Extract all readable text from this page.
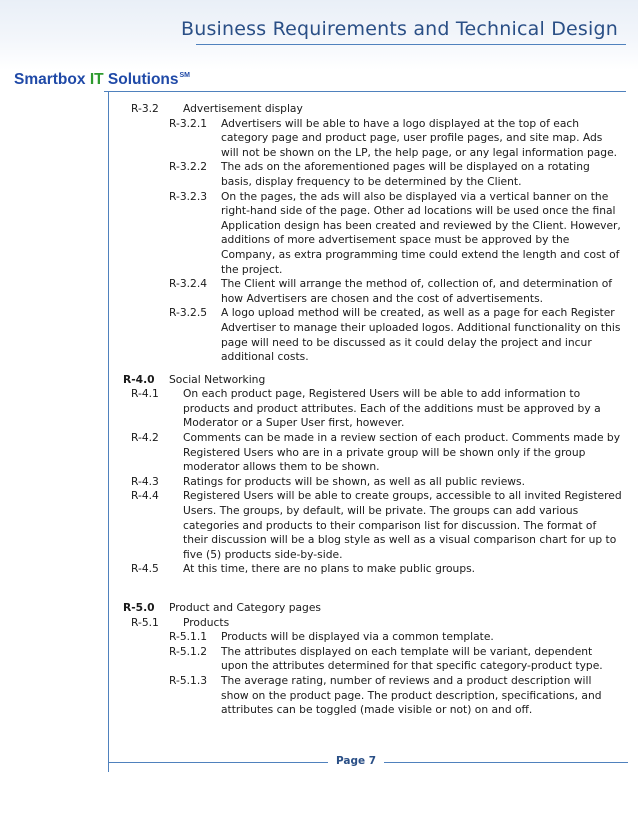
Business Requirements and Technical Design
Smartbox IT Solutions℠
R-3.2 Advertisement display
R-3.2.1 Advertisers will be able to have a logo displayed at the top of each category page and product page, user profile pages, and site map. Ads will not be shown on the LP, the help page, or any legal information page.
R-3.2.2 The ads on the aforementioned pages will be displayed on a rotating basis, display frequency to be determined by the Client.
R-3.2.3 On the pages, the ads will also be displayed via a vertical banner on the right-hand side of the page. Other ad locations will be used once the final Application design has been created and reviewed by the Client. However, additions of more advertisement space must be approved by the Company, as extra programming time could extend the length and cost of the project.
R-3.2.4 The Client will arrange the method of, collection of, and determination of how Advertisers are chosen and the cost of advertisements.
R-3.2.5 A logo upload method will be created, as well as a page for each Register Advertiser to manage their uploaded logos. Additional functionality on this page will need to be discussed as it could delay the project and incur additional costs.
R-4.0 Social Networking
R-4.1 On each product page, Registered Users will be able to add information to products and product attributes. Each of the additions must be approved by a Moderator or a Super User first, however.
R-4.2 Comments can be made in a review section of each product. Comments made by Registered Users who are in a private group will be shown only if the group moderator allows them to be shown.
R-4.3 Ratings for products will be shown, as well as all public reviews.
R-4.4 Registered Users will be able to create groups, accessible to all invited Registered Users. The groups, by default, will be private. The groups can add various categories and products to their comparison list for discussion. The format of their discussion will be a blog style as well as a visual comparison chart for up to five (5) products side-by-side.
R-4.5 At this time, there are no plans to make public groups.
R-5.0 Product and Category pages
R-5.1 Products
R-5.1.1 Products will be displayed via a common template.
R-5.1.2 The attributes displayed on each template will be variant, dependent upon the attributes determined for that specific category-product type.
R-5.1.3 The average rating, number of reviews and a product description will show on the product page. The product description, specifications, and attributes can be toggled (made visible or not) on and off.
Page 7
